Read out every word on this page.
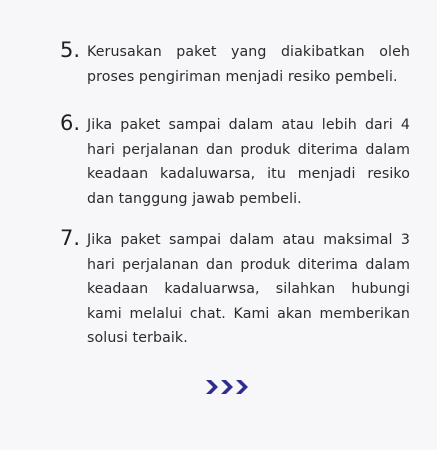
5. Kerusakan paket yang diakibatkan oleh proses pengiriman menjadi resiko pembeli.
6. Jika paket sampai dalam atau lebih dari 4 hari perjalanan dan produk diterima dalam keadaan kadaluwarsa, itu menjadi resiko dan tanggung jawab pembeli.
7. Jika paket sampai dalam atau maksimal 3 hari perjalanan dan produk diterima dalam keadaan kadaluarwsa, silahkan hubungi kami melalui chat. Kami akan memberikan solusi terbaik.
